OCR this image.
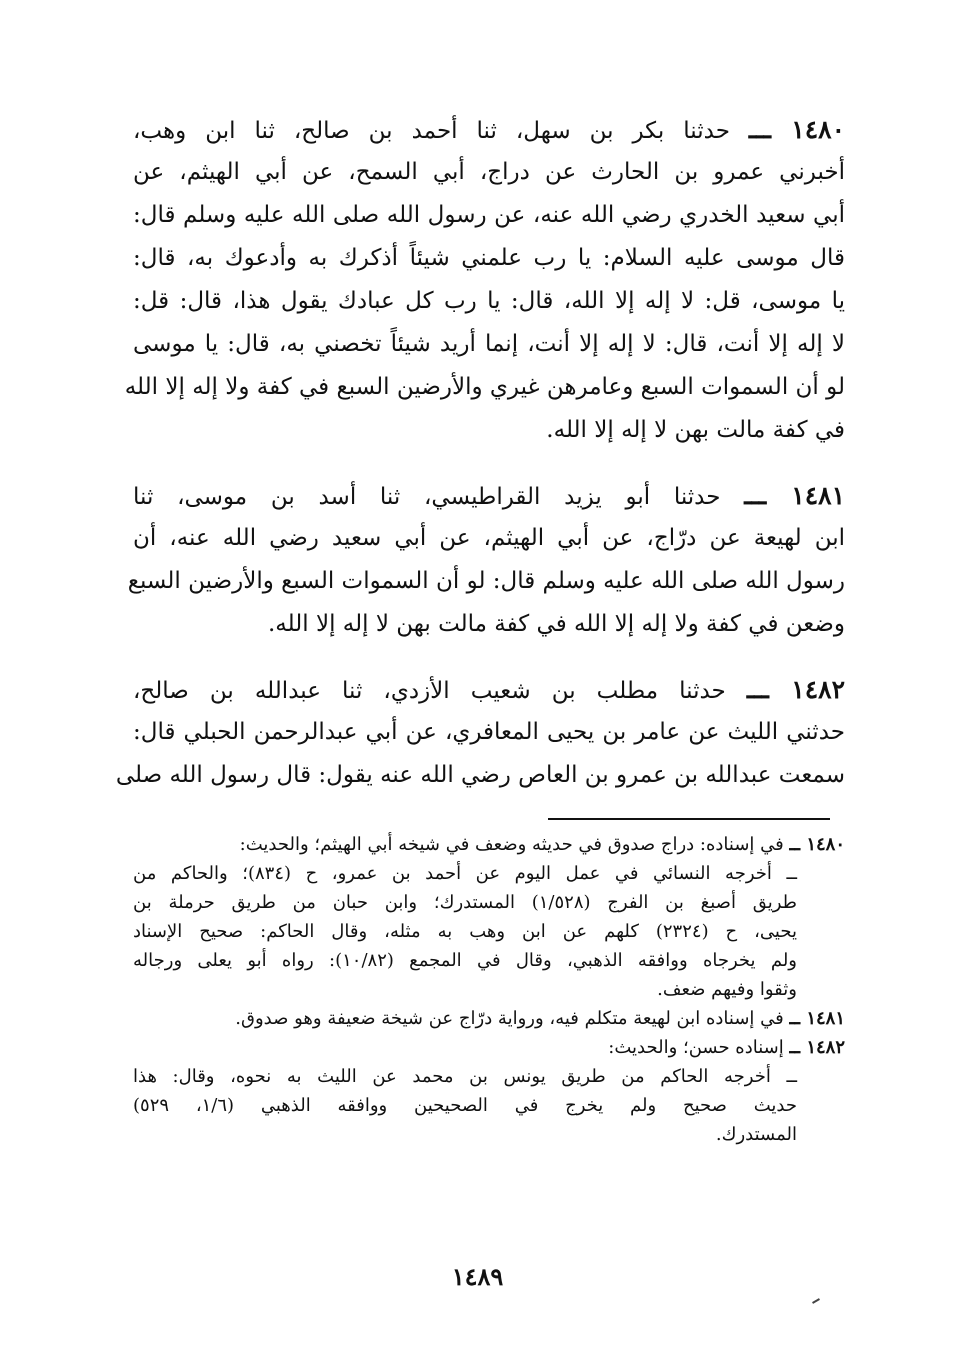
١٤٨٠ ـــ حدثنا بكر بن سهل، ثنا أحمد بن صالح، ثنا ابن وهب،
أخبرني عمرو بن الحارث عن دراج، أبي السمح، عن أبي الهيثم، عن
أبي سعيد الخدري رضي الله عنه، عن رسول الله صلى الله عليه وسلم قال:
قال موسى عليه السلام: يا رب علمني شيئاً أذكرك به وأدعوك به، قال:
يا موسى، قل: لا إله إلا الله، قال: يا رب كل عبادك يقول هذا، قال: قل:
لا إله إلا أنت، قال: لا إله إلا أنت، إنما أريد شيئاً تخصني به، قال: يا موسى
لو أن السموات السبع وعامرهن غيري والأرضين السبع في كفة ولا إله إلا الله
في كفة مالت بهن لا إله إلا الله.
١٤٨١ ـــ حدثنا أبو يزيد القراطيسي، ثنا أسد بن موسى، ثنا
ابن لهيعة عن درّاج، عن أبي الهيثم، عن أبي سعيد رضي الله عنه، أن
رسول الله صلى الله عليه وسلم قال: لو أن السموات السبع والأرضين السبع
وضعن في كفة ولا إله إلا الله في كفة مالت بهن لا إله إلا الله.
١٤٨٢ ـــ حدثنا مطلب بن شعيب الأزدي، ثنا عبدالله بن صالح،
حدثني الليث عن عامر بن يحيى المعافري، عن أبي عبدالرحمن الحبلي قال:
سمعت عبدالله بن عمرو بن العاص رضي الله عنه يقول: قال رسول الله صلى
١٤٨٠ ــ في إسناده: دراج صدوق في حديثه وضعف في شيخه أبي الهيثم؛ والحديث:
ــ أخرجه النسائي في عمل اليوم عن أحمد بن عمرو، ح (٨٣٤)؛ والحاكم من
طريق أصبغ بن الفرج (١/٥٢٨) المستدرك؛ وابن حبان من طريق حرملة بن
يحيى، ح (٢٣٢٤) كلهم عن ابن وهب به مثله، وقال الحاكم: صحيح الإسناد
ولم يخرجاه ووافقه الذهبي، وقال في المجمع (١٠/٨٢): رواه أبو يعلى ورجاله
وثقوا وفيهم ضعف.
١٤٨١ ــ في إسناده ابن لهيعة متكلم فيه، ورواية درّاج عن شيخة ضعيفة وهو صدوق.
١٤٨٢ ــ إسناده حسن؛ والحديث:
ــ أخرجه الحاكم من طريق يونس بن محمد عن الليث به نحوه، وقال: هذا
حديث صحيح ولم يخرج في الصحيحين ووافقه الذهبي (١/٦، ٥٢٩)
المستدرك.
١٤٨٩
